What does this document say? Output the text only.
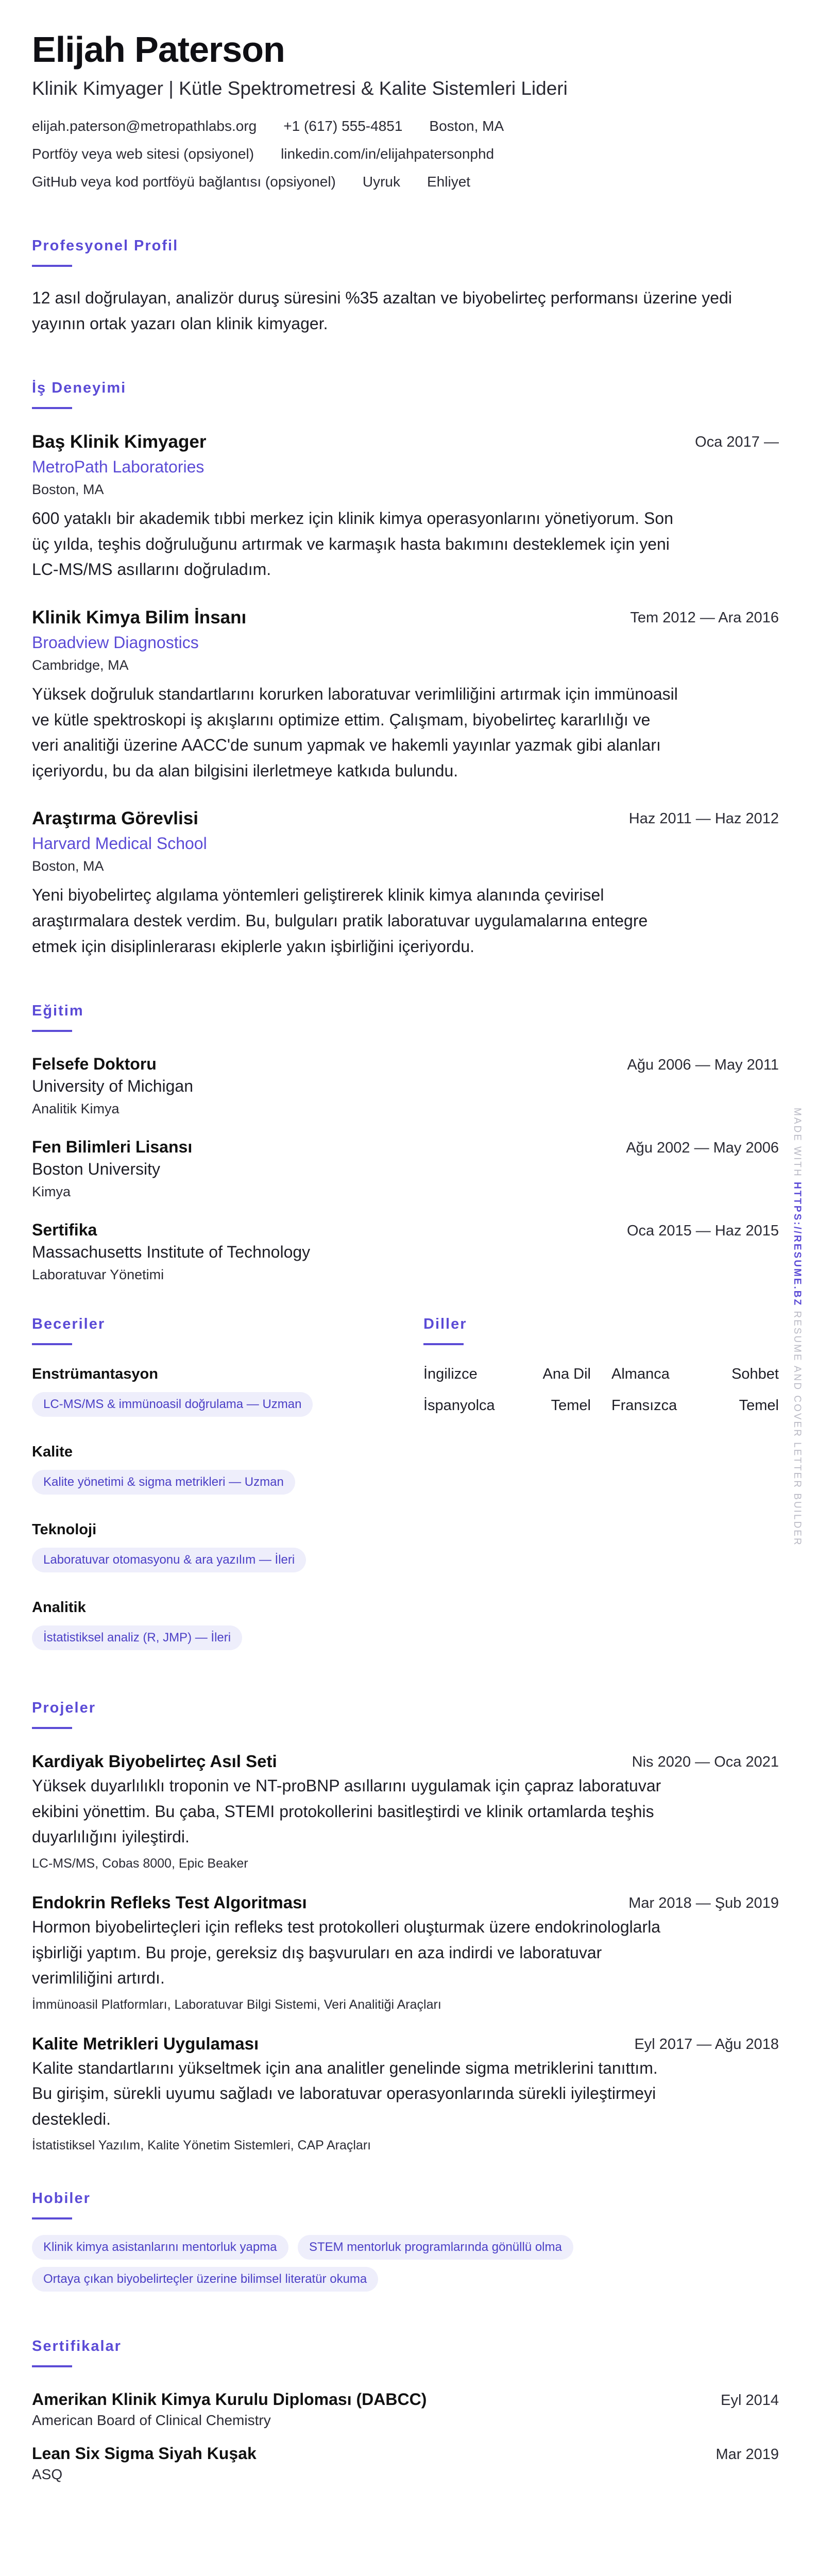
Elijah Paterson
Klinik Kimyager | Kütle Spektrometresi & Kalite Sistemleri Lideri
elijah.paterson@metropathlabs.org +1 (617) 555-4851 Boston, MA
Portföy veya web sitesi (opsiyonel) linkedin.com/in/elijahpatersonphd
GitHub veya kod portföyü bağlantısı (opsiyonel) Uyruk Ehliyet
Profesyonel Profil
12 asıl doğrulayan, analizör duruş süresini %35 azaltan ve biyobelirteç performansı üzerine yedi yayının ortak yazarı olan klinik kimyager.
İş Deneyimi
Baş Klinik Kimyager	Oca 2017 —
MetroPath Laboratories
Boston, MA
600 yataklı bir akademik tıbbi merkez için klinik kimya operasyonlarını yönetiyorum. Son üç yılda, teşhis doğruluğunu artırmak ve karmaşık hasta bakımını desteklemek için yeni LC-MS/MS asıllarını doğruladım.
Klinik Kimya Bilim İnsanı	Tem 2012 — Ara 2016
Broadview Diagnostics
Cambridge, MA
Yüksek doğruluk standartlarını korurken laboratuvar verimliliğini artırmak için immünoasil ve kütle spektroskopi iş akışlarını optimize ettim. Çalışmam, biyobelirteç kararlılığı ve veri analitiği üzerine AACC'de sunum yapmak ve hakemli yayınlar yazmak gibi alanları içeriyordu, bu da alan bilgisini ilerletmeye katkıda bulundu.
Araştırma Görevlisi	Haz 2011 — Haz 2012
Harvard Medical School
Boston, MA
Yeni biyobelirteç algılama yöntemleri geliştirerek klinik kimya alanında çevirisel araştırmalara destek verdim. Bu, bulguları pratik laboratuvar uygulamalarına entegre etmek için disiplinlerarası ekiplerle yakın işbirliğini içeriyordu.
Eğitim
Felsefe Doktoru	Ağu 2006 — May 2011
University of Michigan
Analitik Kimya
Fen Bilimleri Lisansı	Ağu 2002 — May 2006
Boston University
Kimya
Sertifika	Oca 2015 — Haz 2015
Massachusetts Institute of Technology
Laboratuvar Yönetimi
Beceriler
Enstrümantasyon
LC-MS/MS & immünoasil doğrulama — Uzman
Kalite
Kalite yönetimi & sigma metrikleri — Uzman
Teknoloji
Laboratuvar otomasyonu & ara yazılım — İleri
Analitik
İstatistiksel analiz (R, JMP) — İleri
Diller
İngilizce	Ana Dil Almanca	Sohbet
İspanyolca	Temel Fransızca	Temel
Projeler
Kardiyak Biyobelirteç Asıl Seti	Nis 2020 — Oca 2021
Yüksek duyarlılıklı troponin ve NT-proBNP asıllarını uygulamak için çapraz laboratuvar ekibini yönettim. Bu çaba, STEMI protokollerini basitleştirdi ve klinik ortamlarda teşhis duyarlılığını iyileştirdi.
LC-MS/MS, Cobas 8000, Epic Beaker
Endokrin Refleks Test Algoritması	Mar 2018 — Şub 2019
Hormon biyobelirteçleri için refleks test protokolleri oluşturmak üzere endokrinologlarla işbirliği yaptım. Bu proje, gereksiz dış başvuruları en aza indirdi ve laboratuvar verimliliğini artırdı.
İmmünoasil Platformları, Laboratuvar Bilgi Sistemi, Veri Analitiği Araçları
Kalite Metrikleri Uygulaması	Eyl 2017 — Ağu 2018
Kalite standartlarını yükseltmek için ana analitler genelinde sigma metriklerini tanıttım. Bu girişim, sürekli uyumu sağladı ve laboratuvar operasyonlarında sürekli iyileştirmeyi destekledi.
İstatistiksel Yazılım, Kalite Yönetim Sistemleri, CAP Araçları
Hobiler
Klinik kimya asistanlarını mentorluk yapma	STEM mentorluk programlarında gönüllü olma Ortaya çıkan biyobelirteçler üzerine bilimsel literatür okuma
Sertifikalar
Amerikan Klinik Kimya Kurulu Diploması (DABCC)	Eyl 2014
American Board of Clinical Chemistry
Lean Six Sigma Siyah Kuşak	Mar 2019
ASQ
MADE WITH HTTPS://RESUME.BZ RESUME AND COVER LETTER BUILDER
